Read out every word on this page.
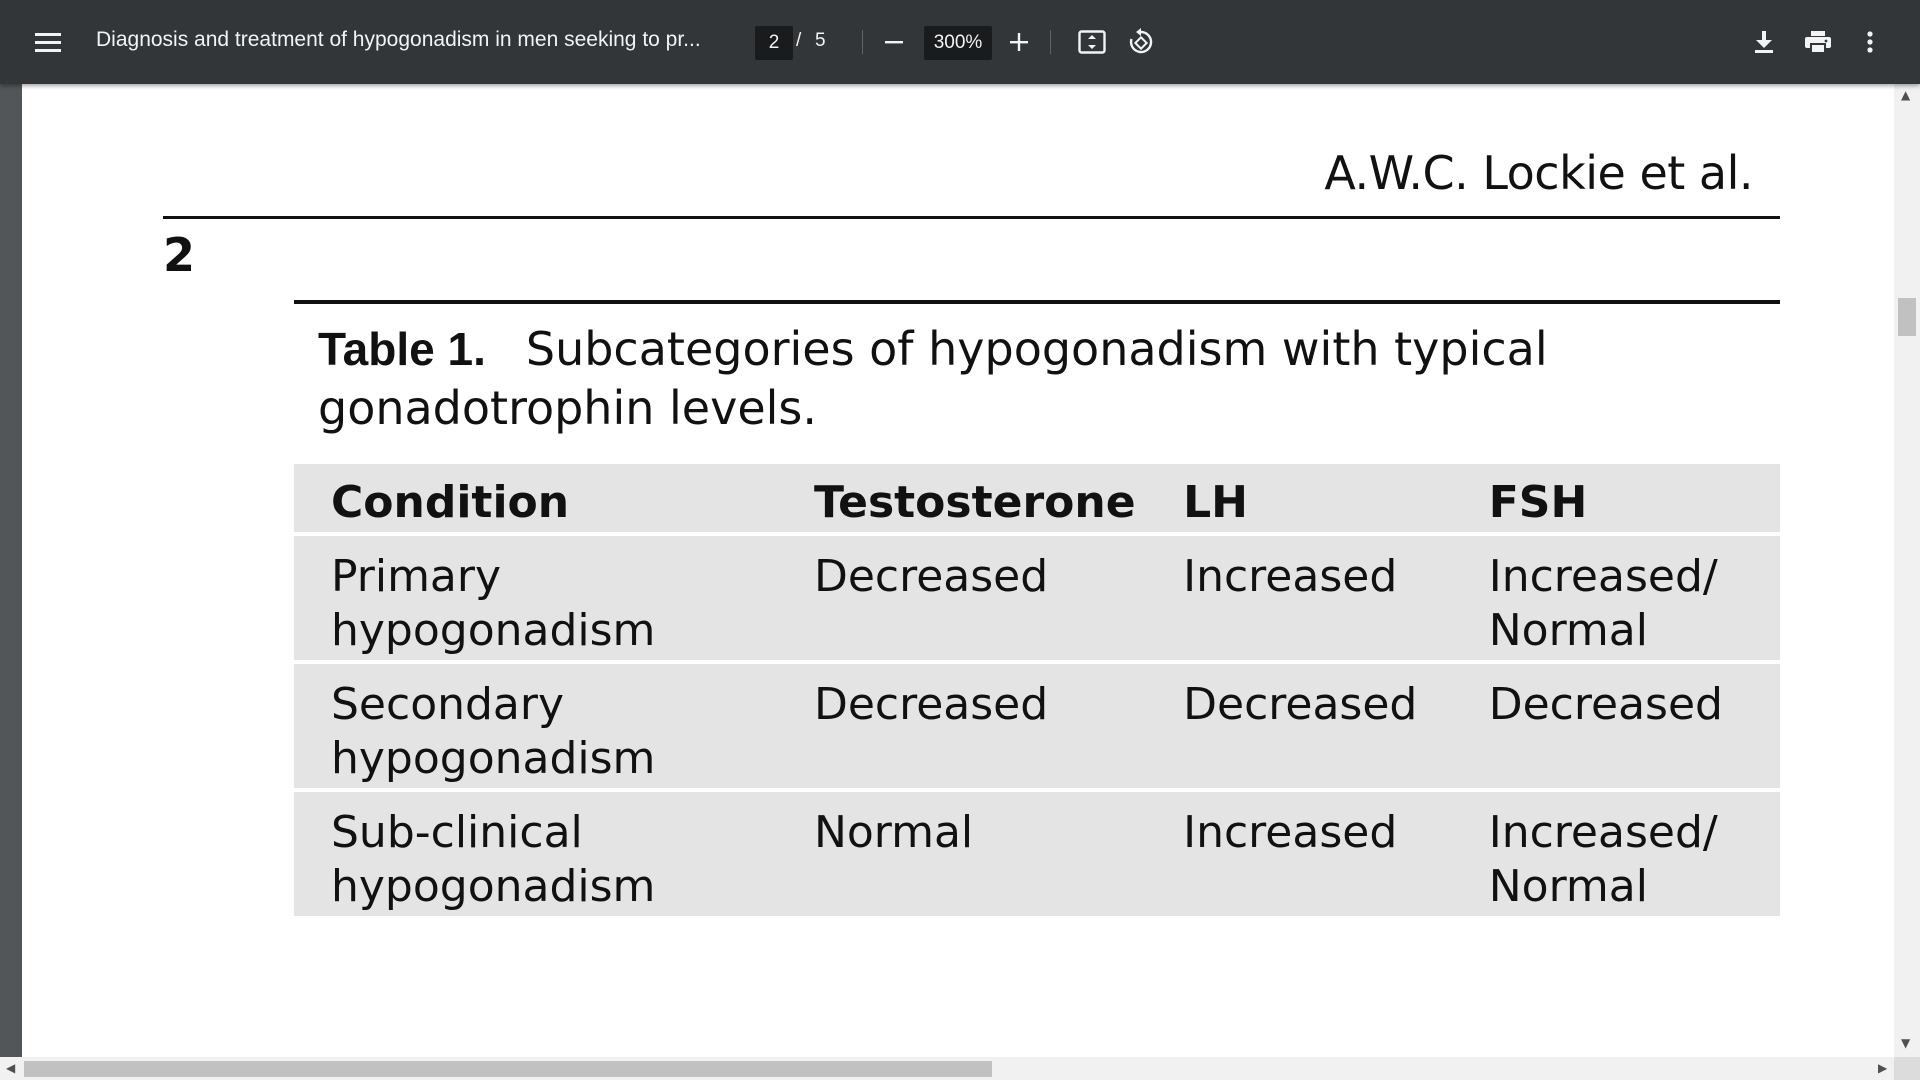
Diagnosis and treatment of hypogonadism in men seeking to pr...
2	/ 5
300%
A.W.C. Lockie et al.
2
Table 1. Subcategories of hypogonadism with typical gonadotrophin levels.
Condition	Testosterone	LH	FSH
Primary hypogonadism	Decreased	Increased	Increased/ Normal
Secondary hypogonadism	Decreased	Decreased	Decreased
Sub-clinical hypogonadism	Normal	Increased	Increased/ Normal
▲
▼
◀	▶
